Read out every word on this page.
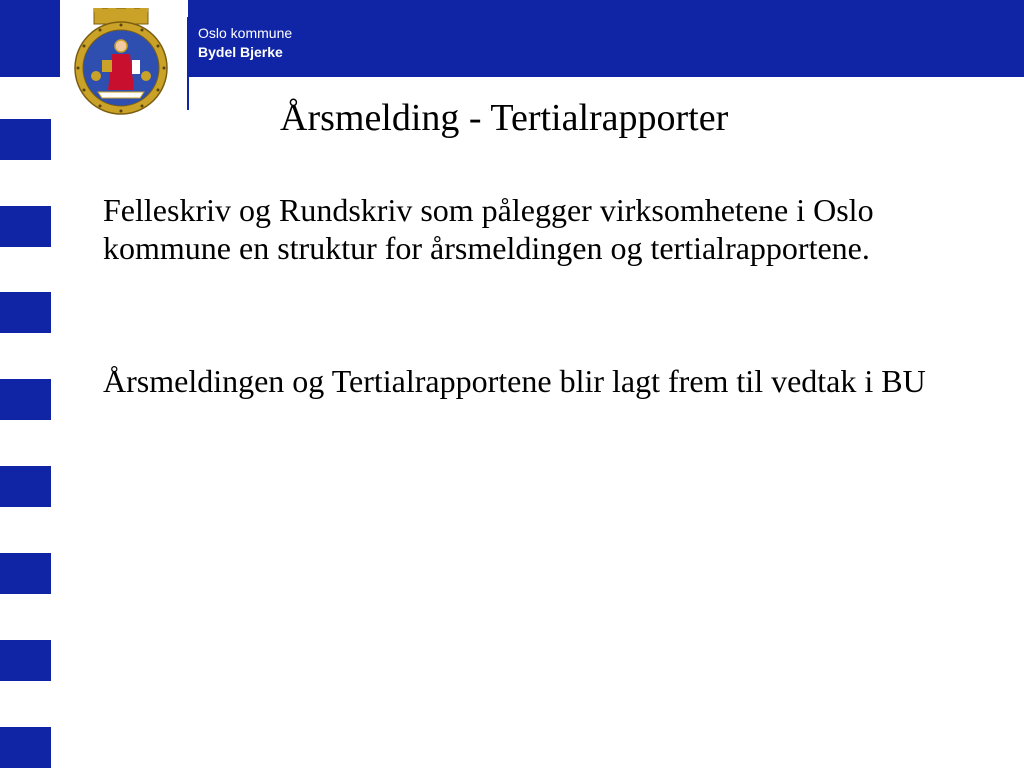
Oslo kommune
Bydel Bjerke
Årsmelding - Tertialrapporter

Felleskriv og Rundskriv som pålegger virksomhetene i Oslo kommune en struktur for årsmeldingen og tertialrapportene.

Årsmeldingen og Tertialrapportene blir lagt frem til vedtak i BU
